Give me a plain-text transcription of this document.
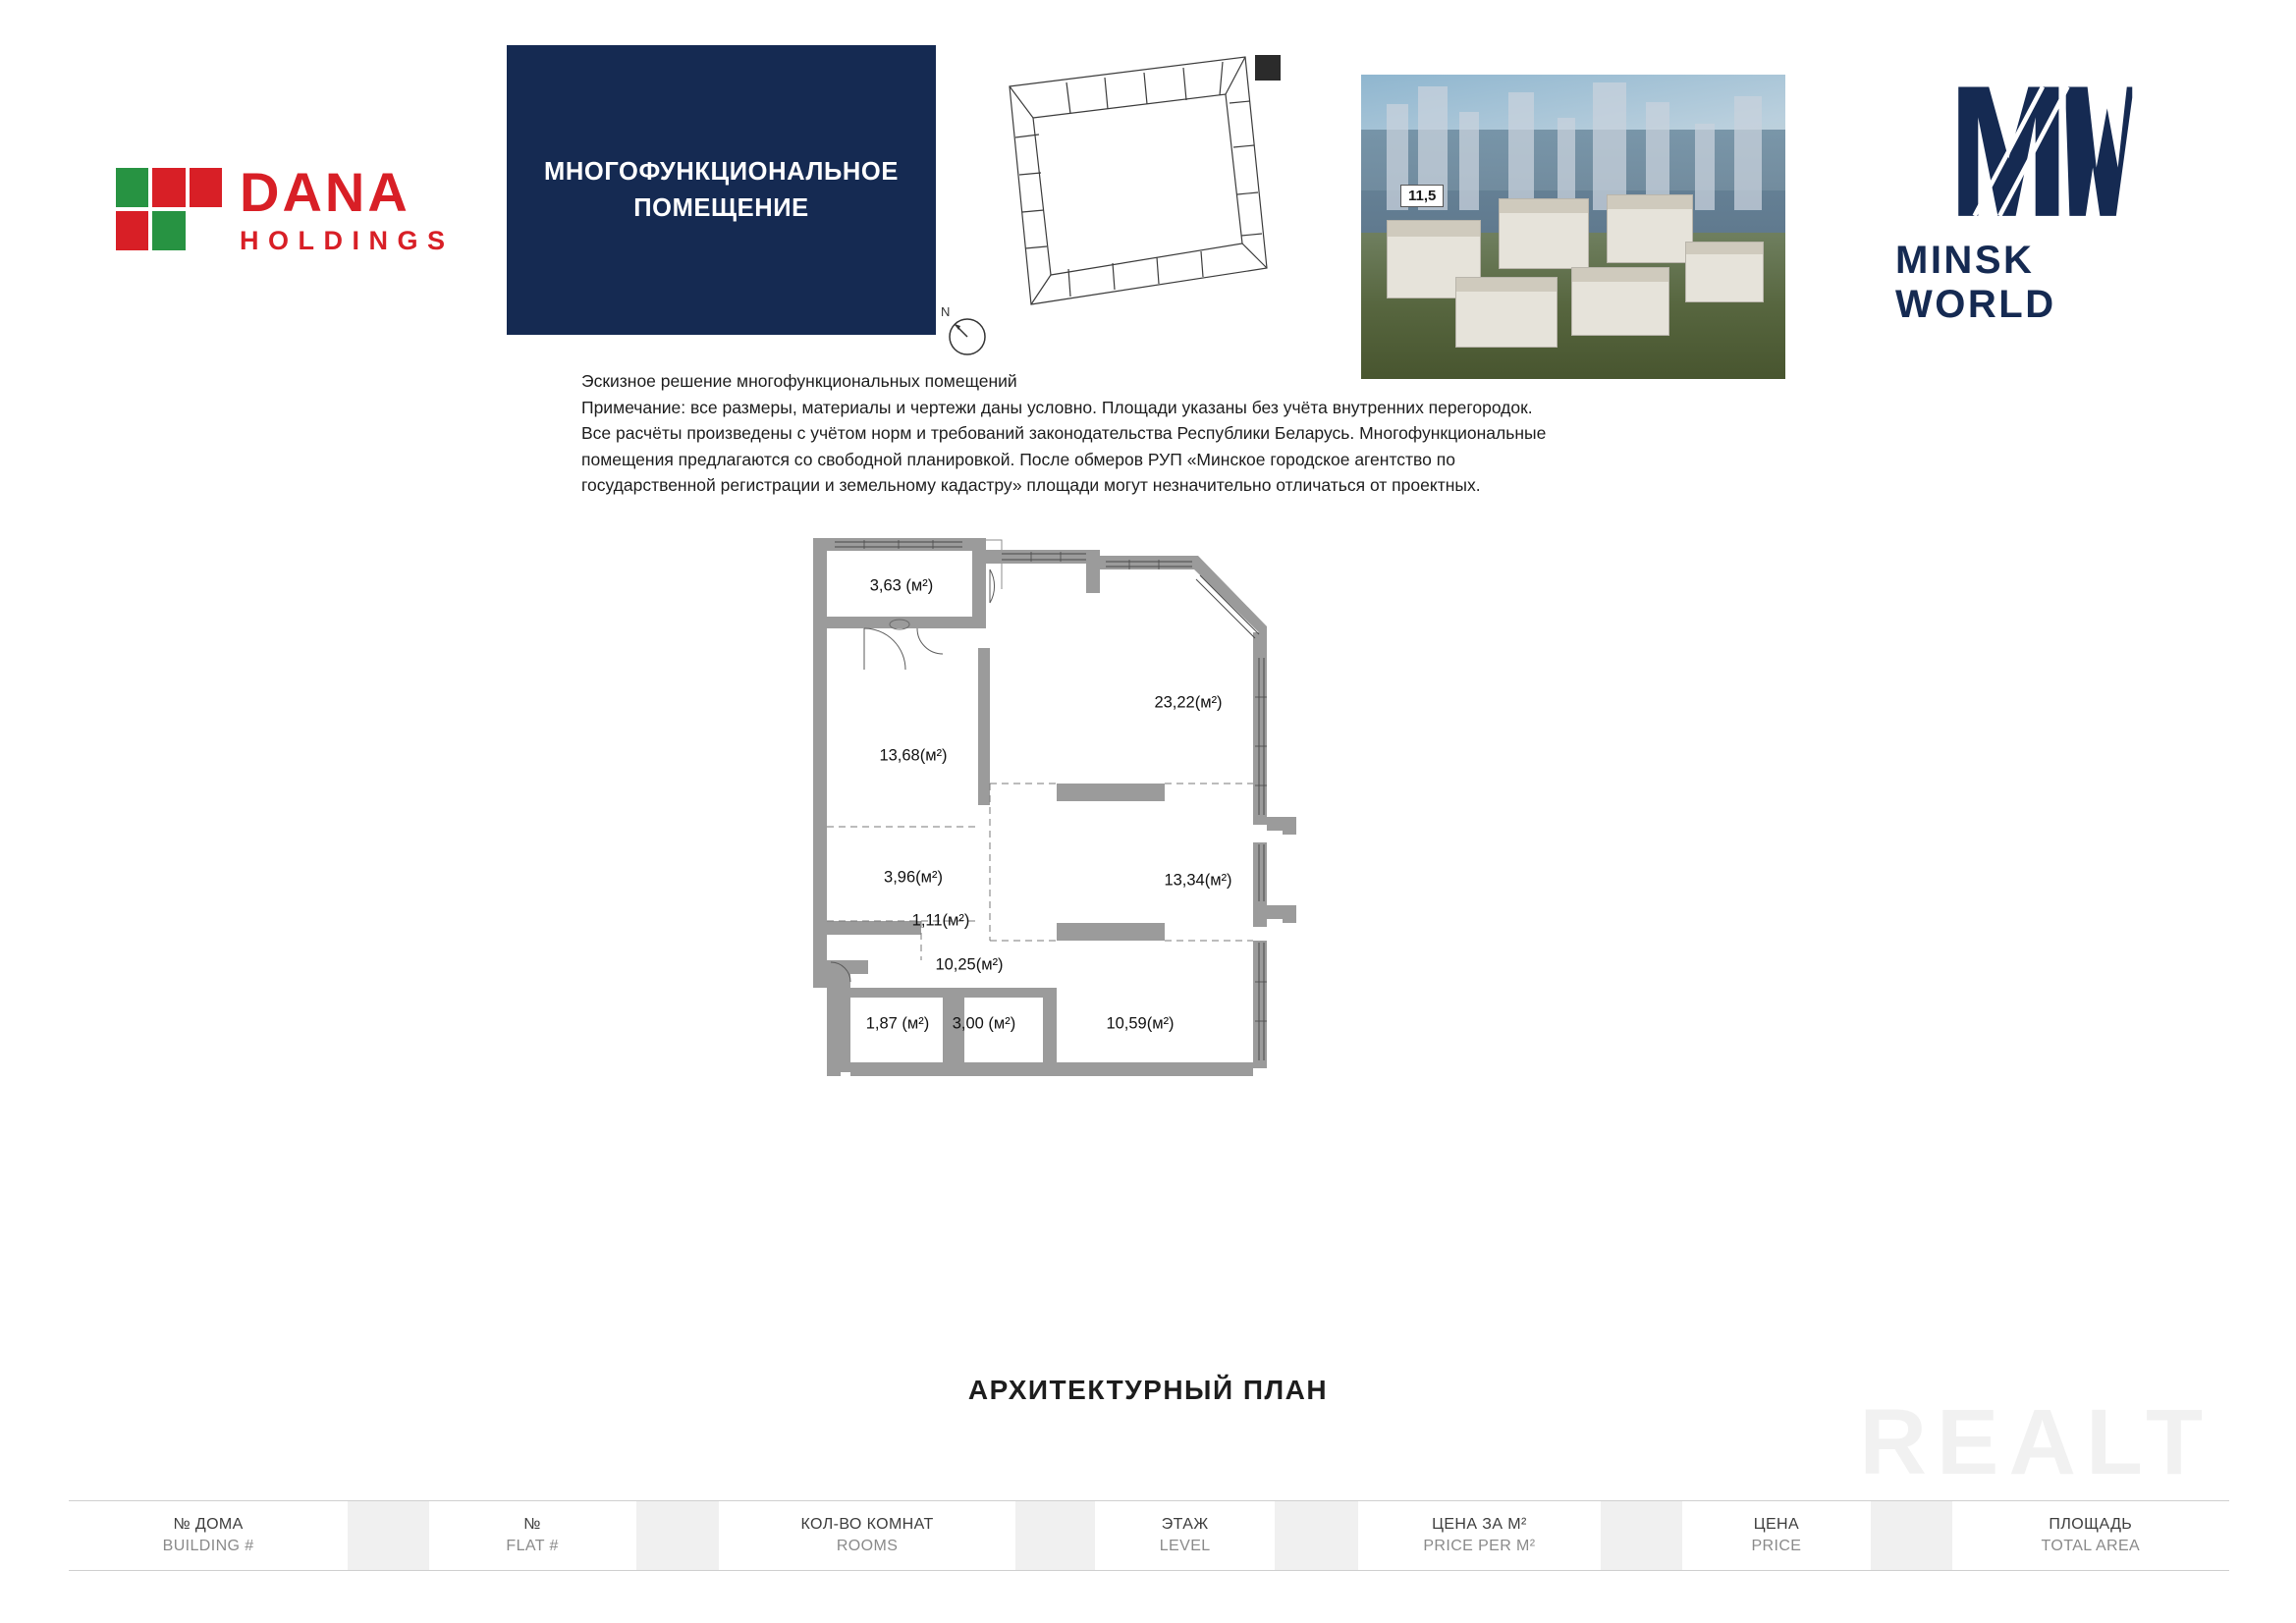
DANA
HOLDINGS
МНОГОФУНКЦИОНАЛЬНОЕ
ПОМЕЩЕНИЕ
N
11,5
MINSK WORLD

Эскизное решение многофункциональных помещений

Примечание: все размеры, материалы и чертежи даны условно. Площади указаны без учёта внутренних перегородок.

Все расчёты произведены с учётом норм и требований законодательства Республики Беларусь. Многофункциональные

помещения предлагаются со свободной планировкой. После обмеров РУП «Минское городское агентство по

государственной регистрации и земельному кадастру» площади могут незначительно отличаться от проектных.

3,63 (м²)
23,22(м²)
13,68(м²)
3,96(м²)	13,34(м²)
1,11(м²)
10,25(м²)
1,87 (м²) 3,00 (м²)	10,59(м²)
АРХИТЕКТУРНЫЙ ПЛАН
REALT
№ ДОМА
BUILDING #
№
FLAT #
КОЛ-ВО КОМНАТ
ROOMS
ЭТАЖ
LEVEL
ЦЕНА ЗА М²
PRICE PER M²
ЦЕНА
PRICE
ПЛОЩАДЬ
TOTAL AREA
